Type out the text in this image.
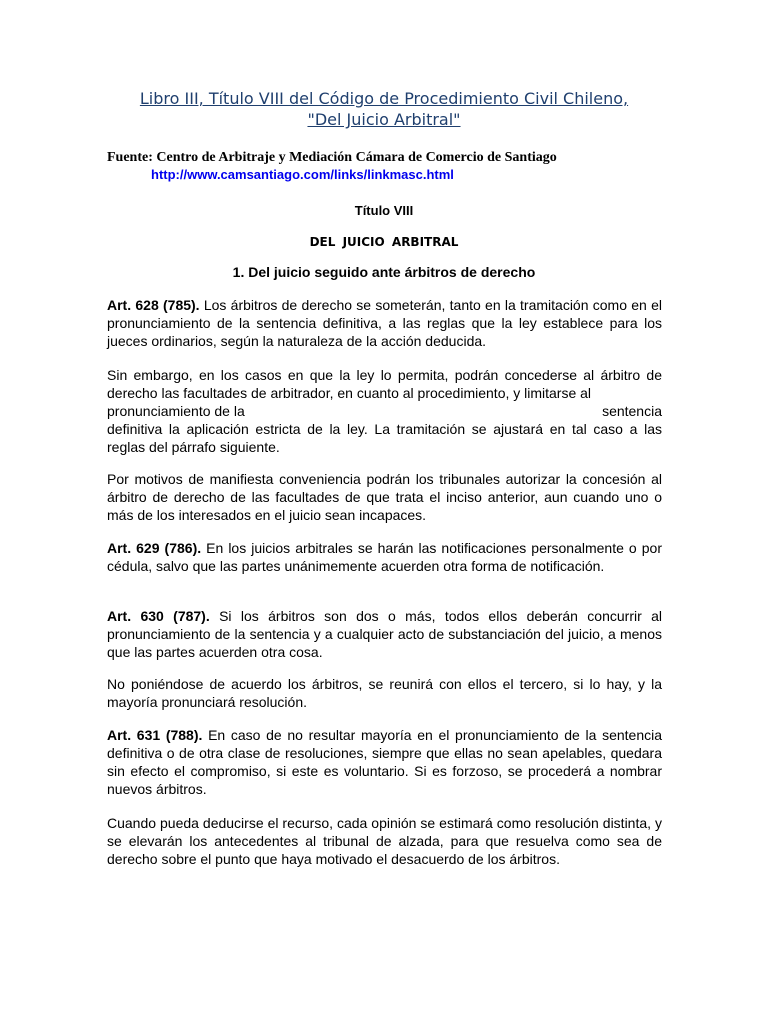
Libro III, Título VIII del Código de Procedimiento Civil Chileno,
"Del Juicio Arbitral"
Fuente: Centro de Arbitraje y Mediación Cámara de Comercio de Santiago
http://www.camsantiago.com/links/linkmasc.html
Título VIII
DEL JUICIO ARBITRAL
1. Del juicio seguido ante árbitros de derecho

Art. 628 (785). Los árbitros de derecho se someterán, tanto en la tramitación como en el pronunciamiento de la sentencia definitiva, a las reglas que la ley establece para los jueces ordinarios, según la naturaleza de la acción deducida.

Sin embargo, en los casos en que la ley lo permita, podrán concederse al árbitro de derecho las facultades de arbitrador, en cuanto al procedimiento, y limitarse al
pronunciamiento de la	sentencia
definitiva la aplicación estricta de la ley. La tramitación se ajustará en tal caso a las reglas del párrafo siguiente.

Por motivos de manifiesta conveniencia podrán los tribunales autorizar la concesión al árbitro de derecho de las facultades de que trata el inciso anterior, aun cuando uno o más de los interesados en el juicio sean incapaces.

Art. 629 (786). En los juicios arbitrales se harán las notificaciones personalmente o por cédula, salvo que las partes unánimemente acuerden otra forma de notificación.

Art. 630 (787). Si los árbitros son dos o más, todos ellos deberán concurrir al pronunciamiento de la sentencia y a cualquier acto de substanciación del juicio, a menos que las partes acuerden otra cosa.

No poniéndose de acuerdo los árbitros, se reunirá con ellos el tercero, si lo hay, y la mayoría pronunciará resolución.

Art. 631 (788). En caso de no resultar mayoría en el pronunciamiento de la sentencia definitiva o de otra clase de resoluciones, siempre que ellas no sean apelables, quedara sin efecto el compromiso, si este es voluntario. Si es forzoso, se procederá a nombrar nuevos árbitros.

Cuando pueda deducirse el recurso, cada opinión se estimará como resolución distinta, y se elevarán los antecedentes al tribunal de alzada, para que resuelva como sea de derecho sobre el punto que haya motivado el desacuerdo de los árbitros.
